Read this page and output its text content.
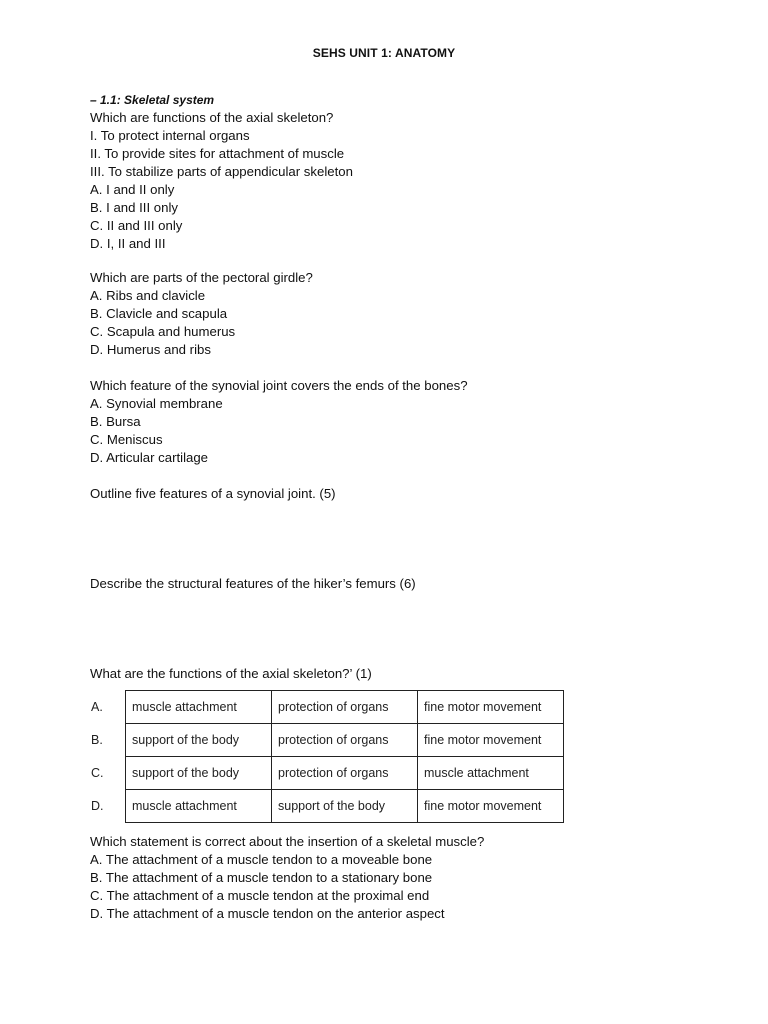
SEHS UNIT 1: ANATOMY
– 1.1: Skeletal system
Which are functions of the axial skeleton?
I. To protect internal organs
II. To provide sites for attachment of muscle
III. To stabilize parts of appendicular skeleton
A. I and II only
B. I and III only
C. II and III only
D. I, II and III
Which are parts of the pectoral girdle?
A. Ribs and clavicle
B. Clavicle and scapula
C. Scapula and humerus
D. Humerus and ribs
Which feature of the synovial joint covers the ends of the bones?
A. Synovial membrane
B. Bursa
C. Meniscus
D. Articular cartilage
Outline five features of a synovial joint. (5)
Describe the structural features of the hiker’s femurs (6)
What are the functions of the axial skeleton?’ (1)
A.	muscle attachment	protection of organs	fine motor movement
B.	support of the body	protection of organs	fine motor movement
C.	support of the body	protection of organs	muscle attachment
D.	muscle attachment	support of the body	fine motor movement
Which statement is correct about the insertion of a skeletal muscle?
A. The attachment of a muscle tendon to a moveable bone
B. The attachment of a muscle tendon to a stationary bone
C. The attachment of a muscle tendon at the proximal end
D. The attachment of a muscle tendon on the anterior aspect
